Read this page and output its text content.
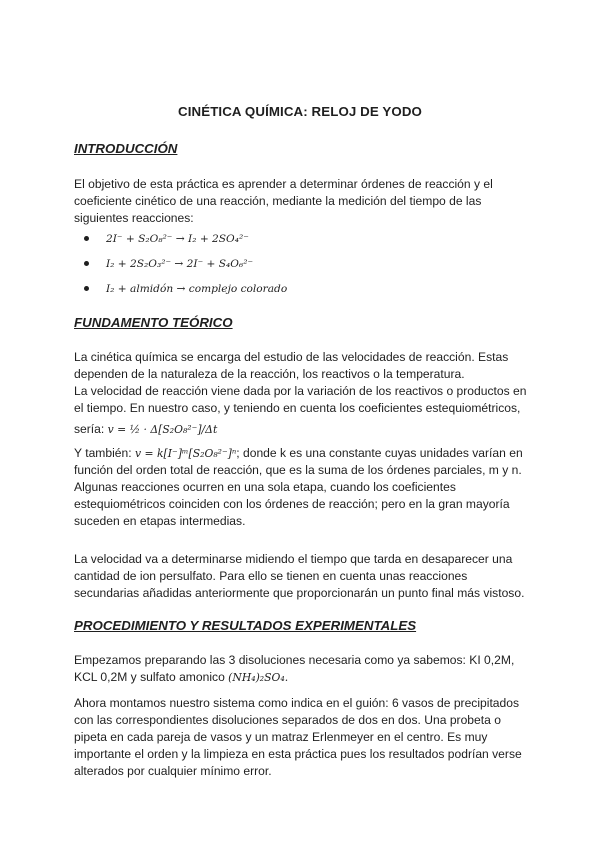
CINÉTICA QUÍMICA: RELOJ DE YODO
INTRODUCCIÓN
El objetivo de esta práctica es aprender a determinar órdenes de reacción y el
coeficiente cinético de una reacción, mediante la medición del tiempo de las
siguientes reacciones:
2I⁻ + S₂O₈²⁻ → I₂ + 2SO₄²⁻
I₂ + 2S₂O₃²⁻ → 2I⁻ + S₄O₆²⁻
I₂ + almidón → complejo colorado
FUNDAMENTO TEÓRICO
La cinética química se encarga del estudio de las velocidades de reacción. Estas
dependen de la naturaleza de la reacción, los reactivos o la temperatura.
La velocidad de reacción viene dada por la variación de los reactivos o productos en
el tiempo. En nuestro caso, y teniendo en cuenta los coeficientes estequiométricos,
sería: v = ½ · Δ[S₂O₈²⁻]/Δt
Y también: v = k[I⁻]ᵐ[S₂O₈²⁻]ⁿ; donde k es una constante cuyas unidades varían en
función del orden total de reacción, que es la suma de los órdenes parciales, m y n.
Algunas reacciones ocurren en una sola etapa, cuando los coeficientes
estequiométricos coinciden con los órdenes de reacción; pero en la gran mayoría
suceden en etapas intermedias.
La velocidad va a determinarse midiendo el tiempo que tarda en desaparecer una
cantidad de ion persulfato. Para ello se tienen en cuenta unas reacciones
secundarias añadidas anteriormente que proporcionarán un punto final más vistoso.
PROCEDIMIENTO Y RESULTADOS EXPERIMENTALES
Empezamos preparando las 3 disoluciones necesaria como ya sabemos: KI 0,2M,
KCL 0,2M y sulfato amonico (NH₄)₂SO₄.
Ahora montamos nuestro sistema como indica en el guión: 6 vasos de precipitados
con las correspondientes disoluciones separados de dos en dos. Una probeta o
pipeta en cada pareja de vasos y un matraz Erlenmeyer en el centro. Es muy
importante el orden y la limpieza en esta práctica pues los resultados podrían verse
alterados por cualquier mínimo error.
